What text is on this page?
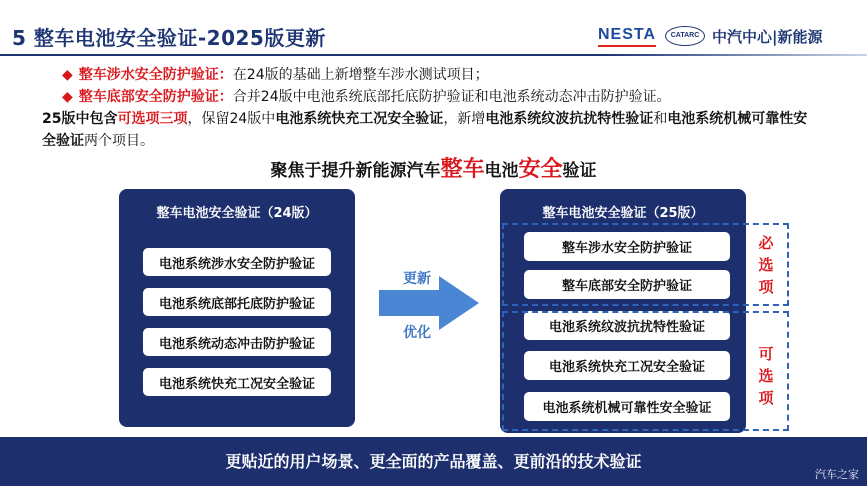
5 整车电池安全验证-2025版更新	NESTA	CATARC 中汽中心|新能源
◆ 整车涉水安全防护验证：在24版的基础上新增整车涉水测试项目；
◆ 整车底部安全防护验证：合并24版中电池系统底部托底防护验证和电池系统动态冲击防护验证。
25版中包含可选项三项，保留24版中电池系统快充工况安全验证，新增电池系统纹波抗扰特性验证和电池系统机械可靠性安全验证两个项目。
聚焦于提升新能源汽车整车电池安全验证
整车电池安全验证（24版）
电池系统涉水安全防护验证
电池系统底部托底防护验证
电池系统动态冲击防护验证
电池系统快充工况安全验证
更新
优化
整车电池安全验证（25版）
整车涉水安全防护验证
整车底部安全防护验证
电池系统纹波抗扰特性验证
电池系统快充工况安全验证
电池系统机械可靠性安全验证
必
选
项
可
选
项
更贴近的用户场景、更全面的产品覆盖、更前沿的技术验证
汽车之家
